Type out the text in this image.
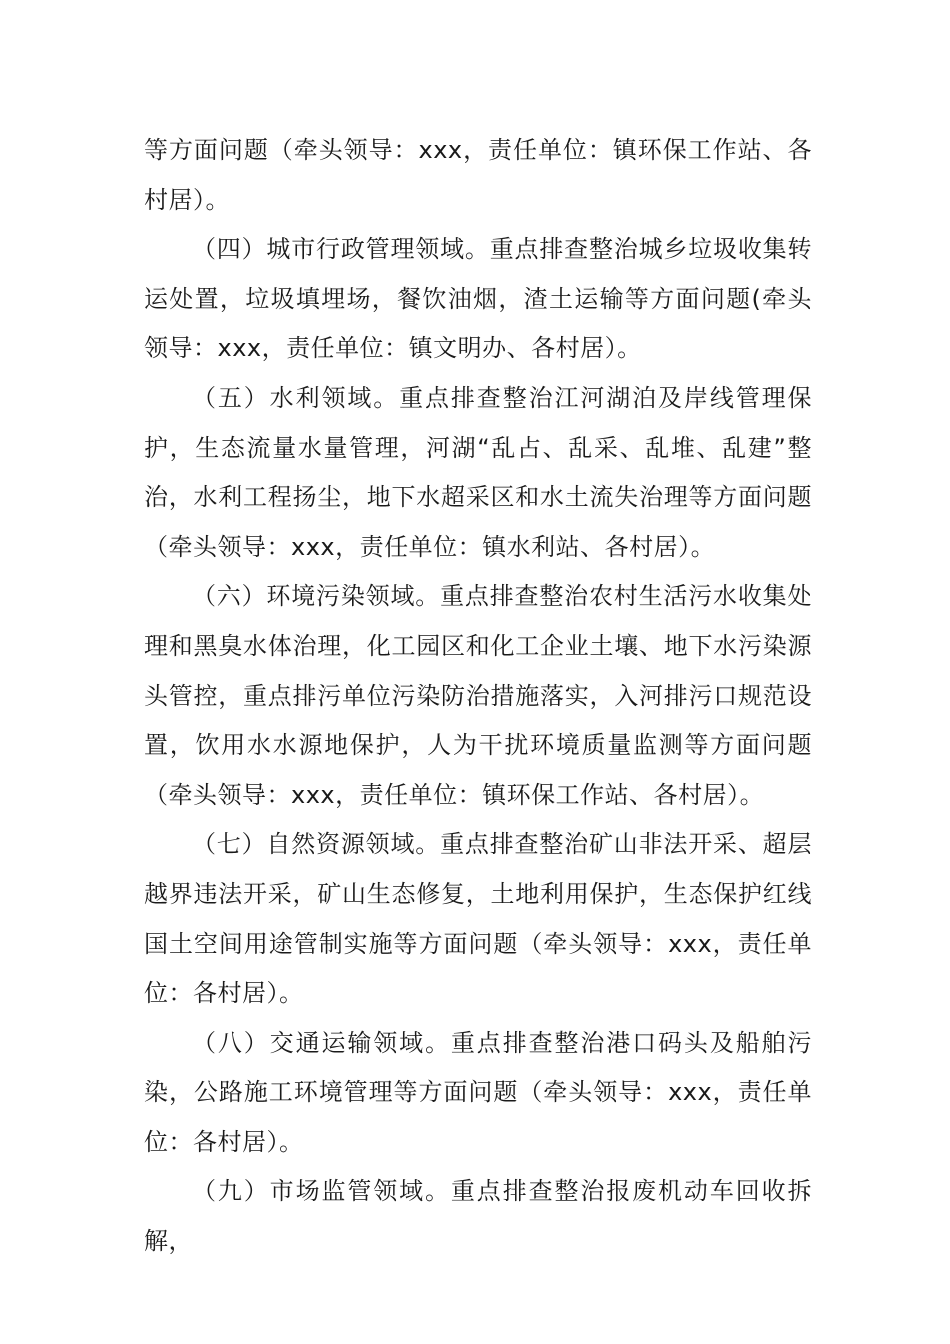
等方面问题（牵头领导：xxx，责任单位：镇环保工作站、各村居）。

（四）城市行政管理领域。重点排查整治城乡垃圾收集转运处置，垃圾填埋场，餐饮油烟，渣土运输等方面问题(牵头领导：xxx，责任单位：镇文明办、各村居）。

（五）水利领域。重点排查整治江河湖泊及岸线管理保护，生态流量水量管理，河湖“乱占、乱采、乱堆、乱建”整治，水利工程扬尘，地下水超采区和水土流失治理等方面问题（牵头领导：xxx，责任单位：镇水利站、各村居）。

（六）环境污染领域。重点排查整治农村生活污水收集处理和黑臭水体治理，化工园区和化工企业土壤、地下水污染源头管控，重点排污单位污染防治措施落实，入河排污口规范设置，饮用水水源地保护，人为干扰环境质量监测等方面问题（牵头领导：xxx，责任单位：镇环保工作站、各村居）。

（七）自然资源领域。重点排查整治矿山非法开采、超层越界违法开采，矿山生态修复，土地利用保护，生态保护红线国土空间用途管制实施等方面问题（牵头领导：xxx，责任单位：各村居）。

（八）交通运输领域。重点排查整治港口码头及船舶污染，公路施工环境管理等方面问题（牵头领导：xxx，责任单位：各村居）。

（九）市场监管领域。重点排查整治报废机动车回收拆解，
